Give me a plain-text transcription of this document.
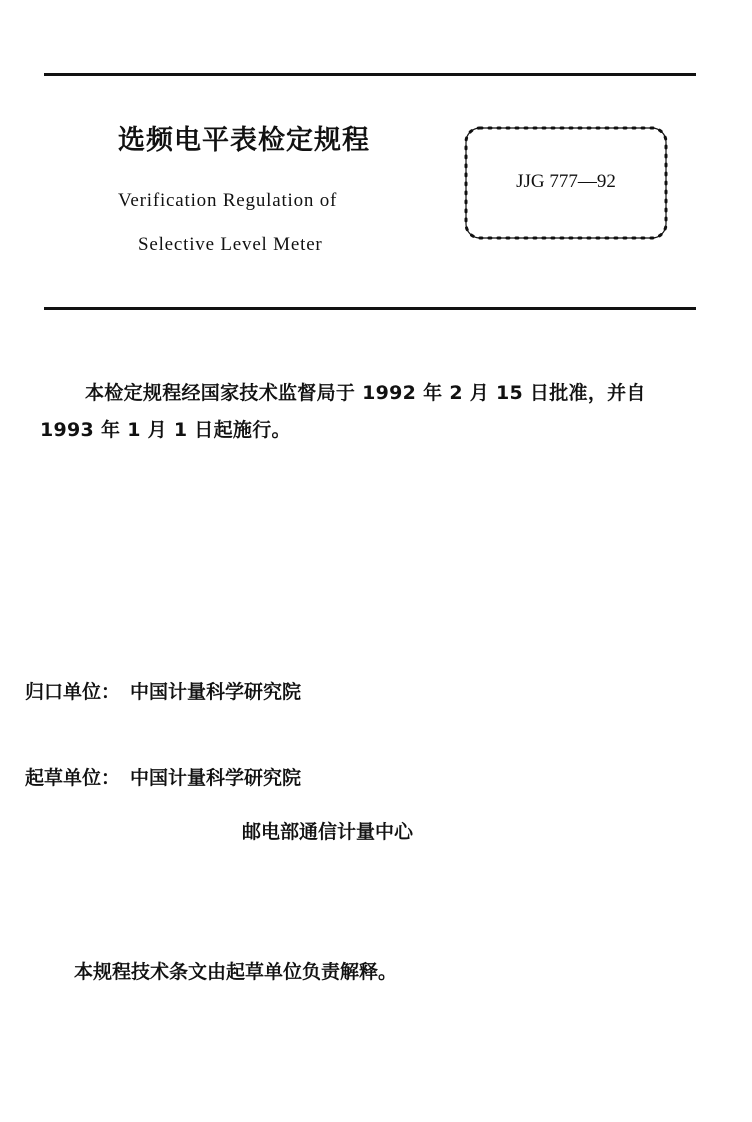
选频电平表检定规程
Verification Regulation of
Selective Level Meter
JJG 777—92
本检定规程经国家技术监督局于 1992 年 2 月 15 日批准，并自 1993 年 1 月 1 日起施行。
归口单位： 中国计量科学研究院
起草单位： 中国计量科学研究院
邮电部通信计量中心
本规程技术条文由起草单位负责解释。
